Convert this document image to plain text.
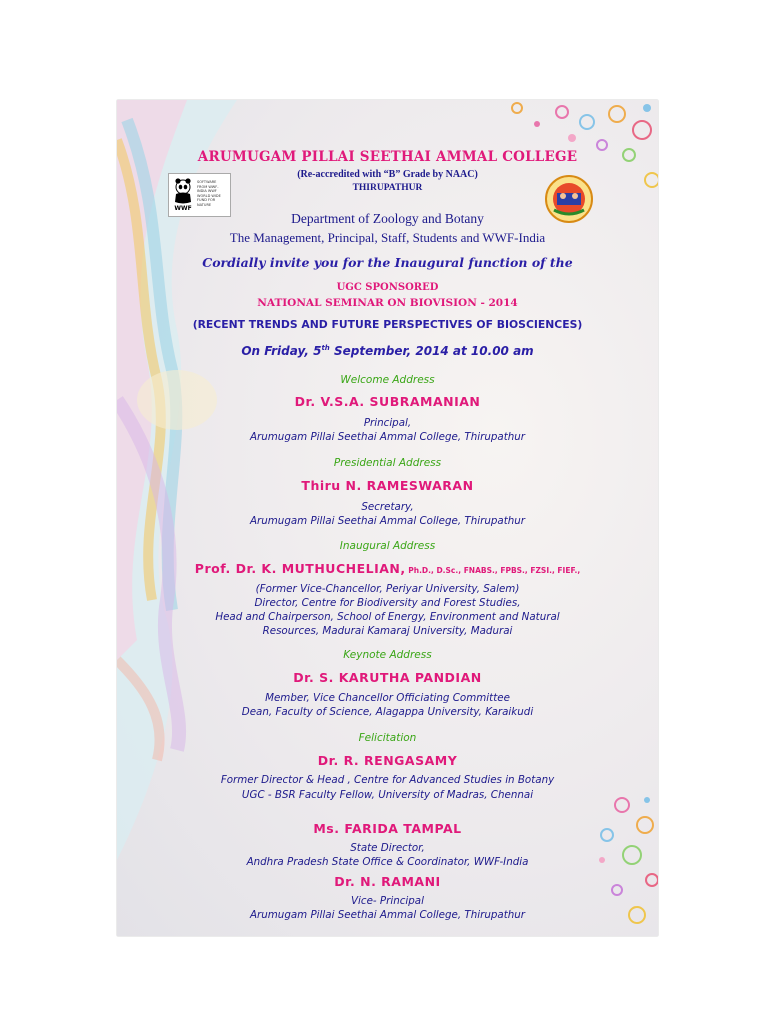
WWF
SOFTWARE FROM WWF-INDIA WWF WORLD WIDE FUND FOR NATURE
ARUMUGAM PILLAI SEETHAI AMMAL COLLEGE
(Re-accredited with “B” Grade by NAAC)
THIRUPATHUR
Department of Zoology and Botany
The Management, Principal, Staff, Students and WWF-India
Cordially invite you for the Inaugural function of the
UGC SPONSORED
NATIONAL SEMINAR ON BIOVISION - 2014
(RECENT TRENDS AND FUTURE PERSPECTIVES OF BIOSCIENCES)
On Friday, 5th September, 2014 at 10.00 am
Welcome Address
Dr. V.S.A. SUBRAMANIAN
Principal,
Arumugam Pillai Seethai Ammal College, Thirupathur
Presidential Address
Thiru N. RAMESWARAN
Secretary,
Arumugam Pillai Seethai Ammal College, Thirupathur
Inaugural Address
Prof. Dr. K. MUTHUCHELIAN, Ph.D., D.Sc., FNABS., FPBS., FZSI., FIEF.,
(Former Vice-Chancellor, Periyar University, Salem)
Director, Centre for Biodiversity and Forest Studies,
Head and Chairperson, School of Energy, Environment and Natural
Resources, Madurai Kamaraj University, Madurai
Keynote Address
Dr. S. KARUTHA PANDIAN
Member, Vice Chancellor Officiating Committee
Dean, Faculty of Science, Alagappa University, Karaikudi
Felicitation
Dr. R. RENGASAMY
Former Director & Head , Centre for Advanced Studies in Botany
UGC - BSR Faculty Fellow, University of Madras, Chennai
Ms. FARIDA TAMPAL
State Director,
Andhra Pradesh State Office & Coordinator, WWF-India
Dr. N. RAMANI
Vice- Principal
Arumugam Pillai Seethai Ammal College, Thirupathur
